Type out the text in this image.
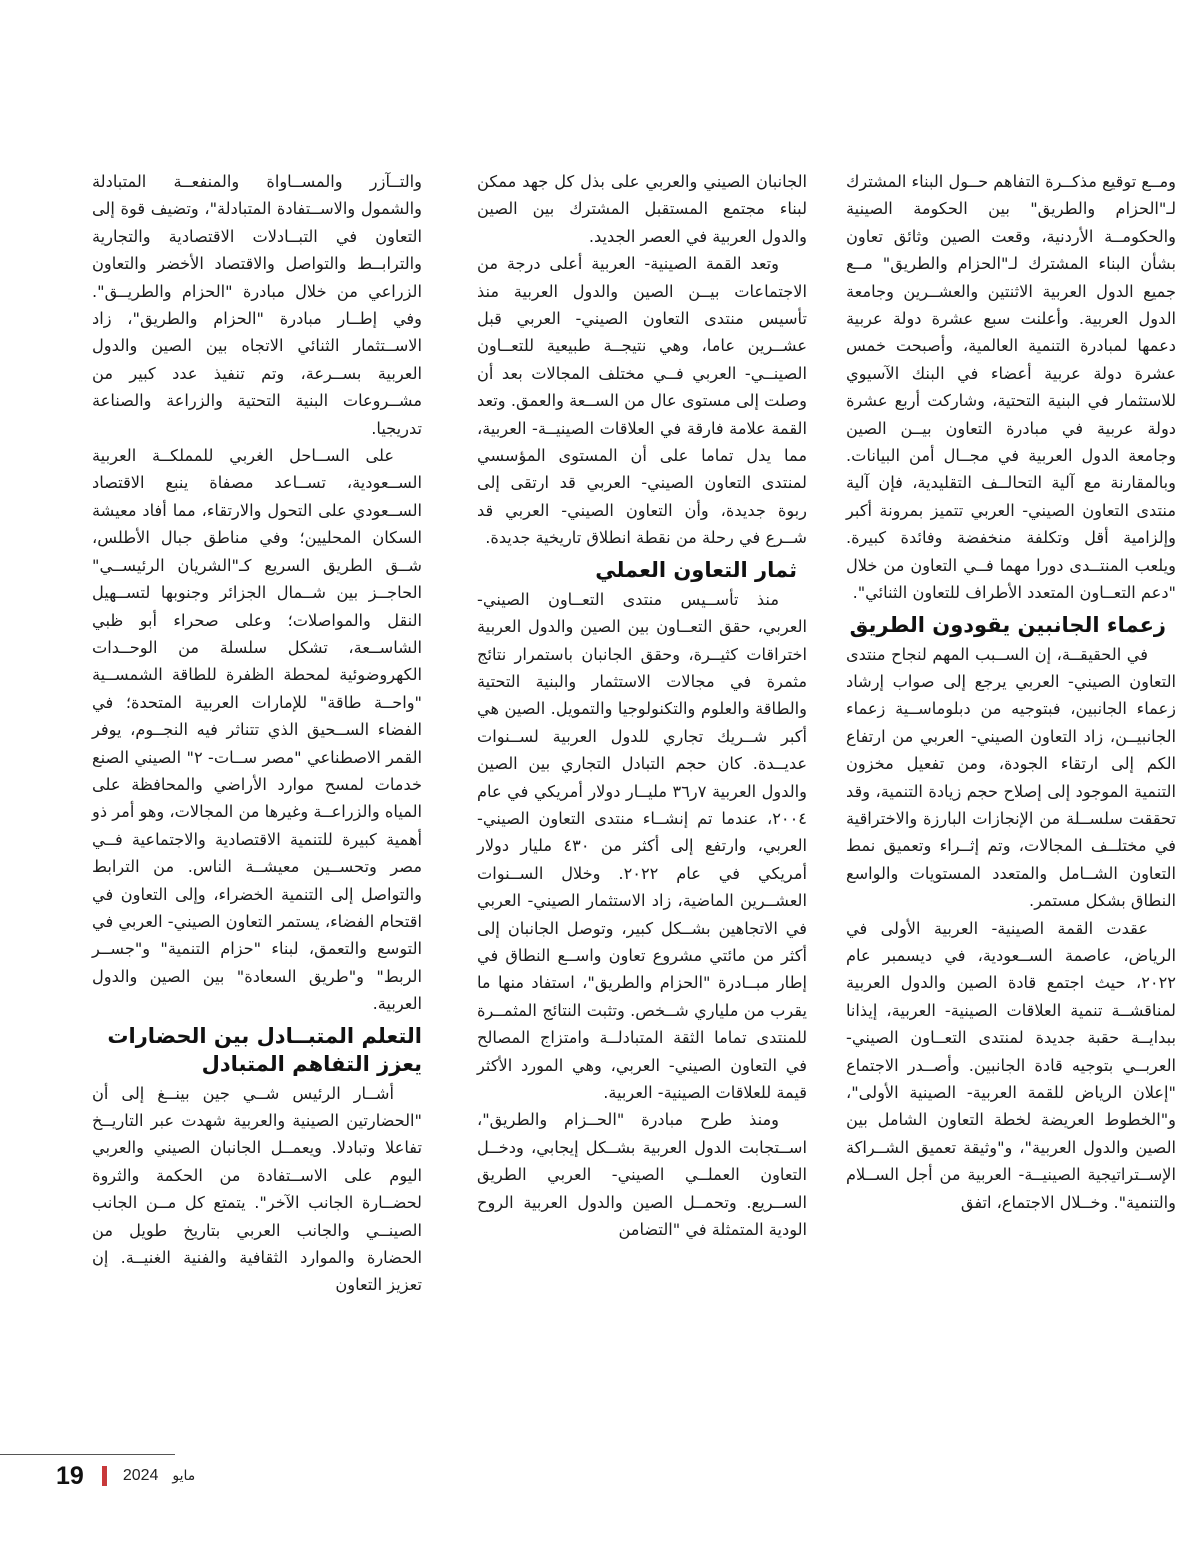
ومــع توقيع مذكــرة التفاهم حــول البناء المشترك لـ"الحزام والطريق" بين الحكومة الصينية والحكومــة الأردنية، وقعت الصين وثائق تعاون بشأن البناء المشترك لـ"الحزام والطريق" مــع جميع الدول العربية الاثنتين والعشــرين وجامعة الدول العربية. وأعلنت سبع عشرة دولة عربية دعمها لمبادرة التنمية العالمية، وأصبحت خمس عشرة دولة عربية أعضاء في البنك الآسيوي للاستثمار في البنية التحتية، وشاركت أربع عشرة دولة عربية في مبادرة التعاون بيــن الصين وجامعة الدول العربية في مجــال أمن البيانات. وبالمقارنة مع آلية التحالــف التقليدية، فإن آلية منتدى التعاون الصيني- العربي تتميز بمرونة أكبر وإلزامية أقل وتكلفة منخفضة وفائدة كبيرة. ويلعب المنتــدى دورا مهما فــي التعاون من خلال "دعم التعــاون المتعدد الأطراف للتعاون الثنائي".

زعماء الجانبين يقودون الطريق

في الحقيقــة، إن الســبب المهم لنجاح منتدى التعاون الصيني- العربي يرجع إلى صواب إرشاد زعماء الجانبين، فبتوجيه من دبلوماســية زعماء الجانبيــن، زاد التعاون الصيني- العربي من ارتفاع الكم إلى ارتقاء الجودة، ومن تفعيل مخزون التنمية الموجود إلى إصلاح حجم زيادة التنمية، وقد تحققت سلســلة من الإنجازات البارزة والاختراقية في مختلــف المجالات، وتم إثــراء وتعميق نمط التعاون الشــامل والمتعدد المستويات والواسع النطاق بشكل مستمر.

عقدت القمة الصينية- العربية الأولى في الرياض، عاصمة الســعودية، في ديسمبر عام ٢٠٢٢، حيث اجتمع قادة الصين والدول العربية لمناقشــة تنمية العلاقات الصينية- العربية، إيذانا ببدايــة حقبة جديدة لمنتدى التعــاون الصيني- العربــي بتوجيه قادة الجانبين. وأصــدر الاجتماع "إعلان الرياض للقمة العربية- الصينية الأولى"، و"الخطوط العريضة لخطة التعاون الشامل بين الصين والدول العربية"، و"وثيقة تعميق الشــراكة الإســتراتيجية الصينيــة- العربية من أجل الســلام والتنمية". وخــلال الاجتماع، اتفق

الجانبان الصيني والعربي على بذل كل جهد ممكن لبناء مجتمع المستقبل المشترك بين الصين والدول العربية في العصر الجديد.

وتعد القمة الصينية- العربية أعلى درجة من الاجتماعات بيــن الصين والدول العربية منذ تأسيس منتدى التعاون الصيني- العربي قبل عشــرين عاما، وهي نتيجــة طبيعية للتعــاون الصينــي- العربي فــي مختلف المجالات بعد أن وصلت إلى مستوى عال من الســعة والعمق. وتعد القمة علامة فارقة في العلاقات الصينيــة- العربية، مما يدل تماما على أن المستوى المؤسسي لمنتدى التعاون الصيني- العربي قد ارتقى إلى ربوة جديدة، وأن التعاون الصيني- العربي قد شــرع في رحلة من نقطة انطلاق تاريخية جديدة.

ثمار التعاون العملي

منذ تأســيس منتدى التعــاون الصيني- العربي، حقق التعــاون بين الصين والدول العربية اختراقات كثيــرة، وحقق الجانبان باستمرار نتائج مثمرة في مجالات الاستثمار والبنية التحتية والطاقة والعلوم والتكنولوجيا والتمويل. الصين هي أكبر شــريك تجاري للدول العربية لســنوات عديــدة. كان حجم التبادل التجاري بين الصين والدول العربية ٧ر٣٦ مليــار دولار أمريكي في عام ٢٠٠٤، عندما تم إنشــاء منتدى التعاون الصيني- العربي، وارتفع إلى أكثر من ٤٣٠ مليار دولار أمريكي في عام ٢٠٢٢. وخلال الســنوات العشــرين الماضية، زاد الاستثمار الصيني- العربي في الاتجاهين بشــكل كبير، وتوصل الجانبان إلى أكثر من مائتي مشروع تعاون واســع النطاق في إطار مبــادرة "الحزام والطريق"، استفاد منها ما يقرب من ملياري شــخص. وتثبت النتائج المثمــرة للمنتدى تماما الثقة المتبادلــة وامتزاج المصالح في التعاون الصيني- العربي، وهي المورد الأكثر قيمة للعلاقات الصينية- العربية.

ومنذ طرح مبادرة "الحــزام والطريق"، اســتجابت الدول العربية بشــكل إيجابي، ودخــل التعاون العملــي الصيني- العربي الطريق الســريع. وتحمــل الصين والدول العربية الروح الودية المتمثلة في "التضامن

والتــآزر والمســاواة والمنفعــة المتبادلة والشمول والاســتفادة المتبادلة"، وتضيف قوة إلى التعاون في التبــادلات الاقتصادية والتجارية والترابــط والتواصل والاقتصاد الأخضر والتعاون الزراعي من خلال مبادرة "الحزام والطريــق". وفي إطــار مبادرة "الحزام والطريق"، زاد الاســتثمار الثنائي الاتجاه بين الصين والدول العربية بســرعة، وتم تنفيذ عدد كبير من مشــروعات البنية التحتية والزراعة والصناعة تدريجيا.

على الســاحل الغربي للمملكــة العربية الســعودية، تســاعد مصفاة ينبع الاقتصاد الســعودي على التحول والارتقاء، مما أفاد معيشة السكان المحليين؛ وفي مناطق جبال الأطلس، شــق الطريق السريع كـ"الشريان الرئيســي" الحاجــز بين شــمال الجزائر وجنوبها لتســهيل النقل والمواصلات؛ وعلى صحراء أبو ظبي الشاســعة، تشكل سلسلة من الوحــدات الكهروضوئية لمحطة الظفرة للطاقة الشمســية "واحــة طاقة" للإمارات العربية المتحدة؛ في الفضاء الســحيق الذي تتناثر فيه النجــوم، يوفر القمر الاصطناعي "مصر ســات- ٢" الصيني الصنع خدمات لمسح موارد الأراضي والمحافظة على المياه والزراعــة وغيرها من المجالات، وهو أمر ذو أهمية كبيرة للتنمية الاقتصادية والاجتماعية فــي مصر وتحســين معيشــة الناس. من الترابط والتواصل إلى التنمية الخضراء، وإلى التعاون في اقتحام الفضاء، يستمر التعاون الصيني- العربي في التوسع والتعمق، لبناء "حزام التنمية" و"جســر الربط" و"طريق السعادة" بين الصين والدول العربية.

التعلم المتبــادل بين الحضارات يعزز التفاهم المتبادل

أشــار الرئيس شــي جين بينــغ إلى أن "الحضارتين الصينية والعربية شهدت عبر التاريــخ تفاعلا وتبادلا. ويعمــل الجانبان الصيني والعربي اليوم على الاســتفادة من الحكمة والثروة لحضــارة الجانب الآخر". يتمتع كل مــن الجانب الصينــي والجانب العربي بتاريخ طويل من الحضارة والموارد الثقافية والفنية الغنيــة. إن تعزيز التعاون

19 2024 مايو
